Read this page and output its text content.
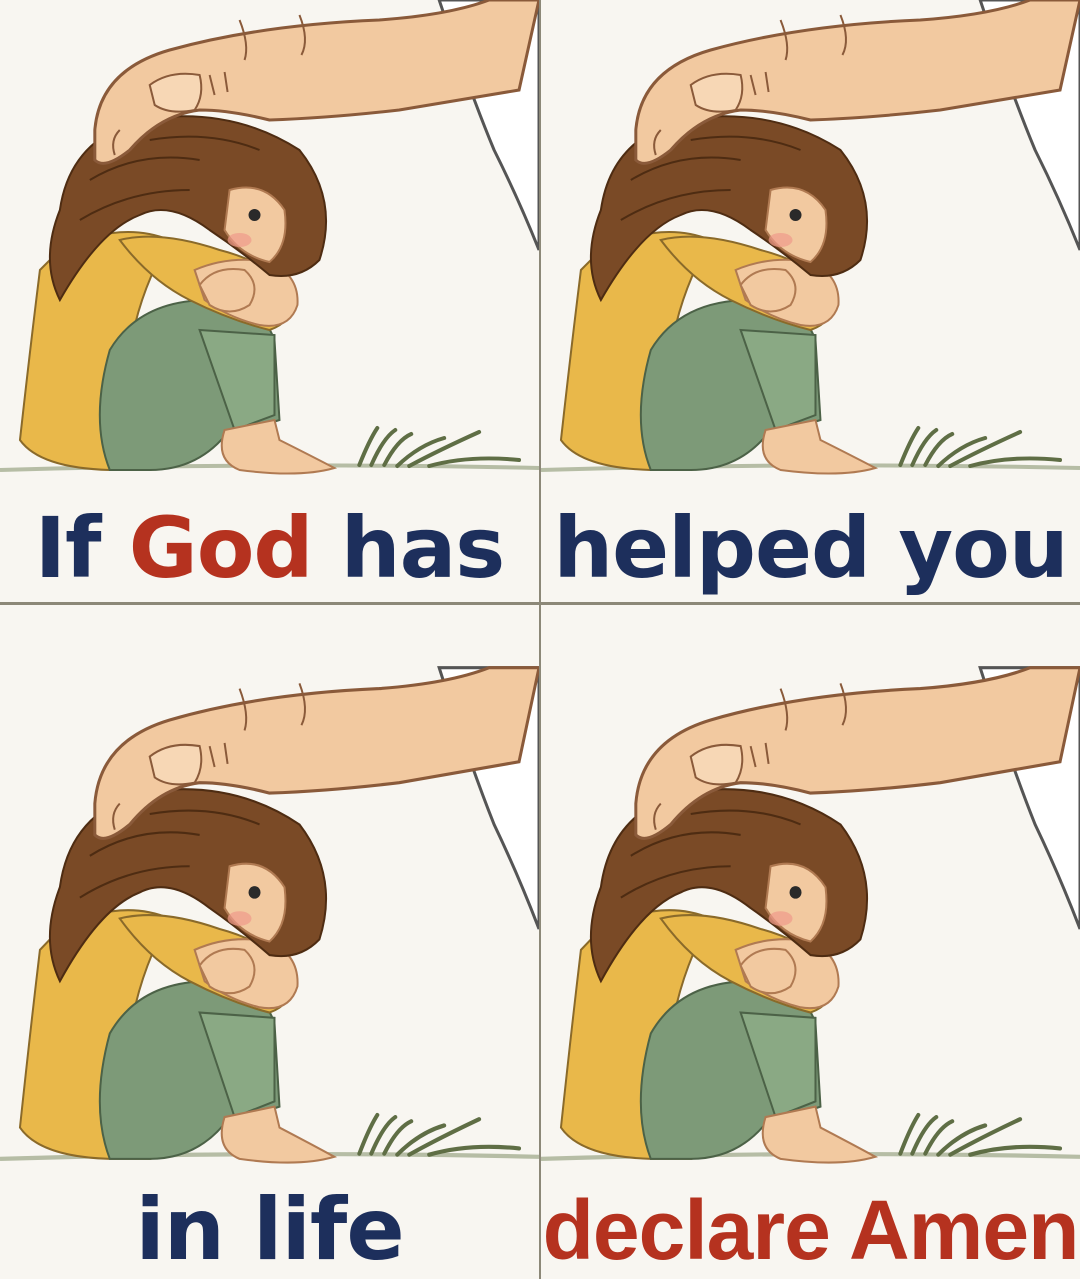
If God has helped you
in life	declare Amen
